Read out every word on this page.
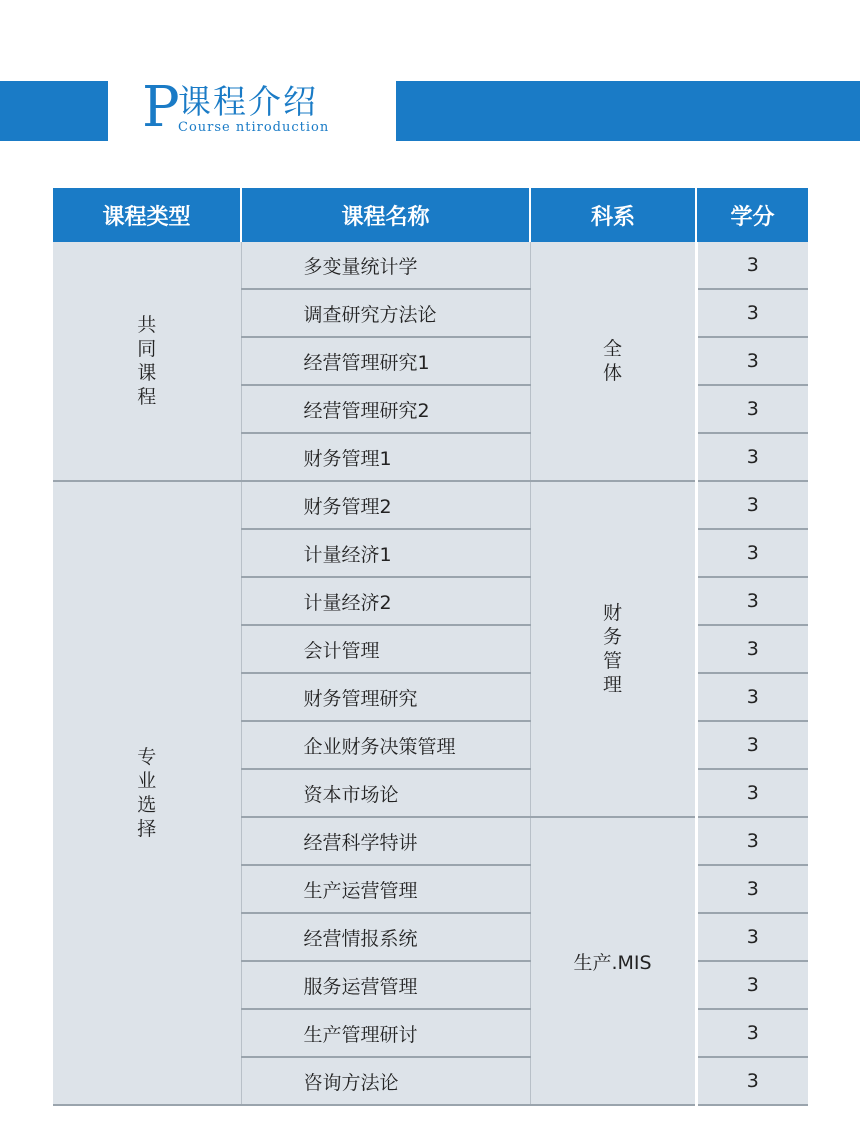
P
课程介绍
Course ntiroduction
课程类型	课程名称	科系	学分
共同课程	多变量统计学	全体	3
	调查研究方法论		3
	经营管理研究1		3
	经营管理研究2		3
	财务管理1		3
专业选择	财务管理2	财务管理	3
	计量经济1		3
	计量经济2		3
	会计管理		3
	财务管理研究		3
	企业财务决策管理		3
	资本市场论		3
	经营科学特讲	生产.MIS	3
	生产运营管理		3
	经营情报系统		3
	服务运营管理		3
	生产管理研讨		3
	咨询方法论		3
